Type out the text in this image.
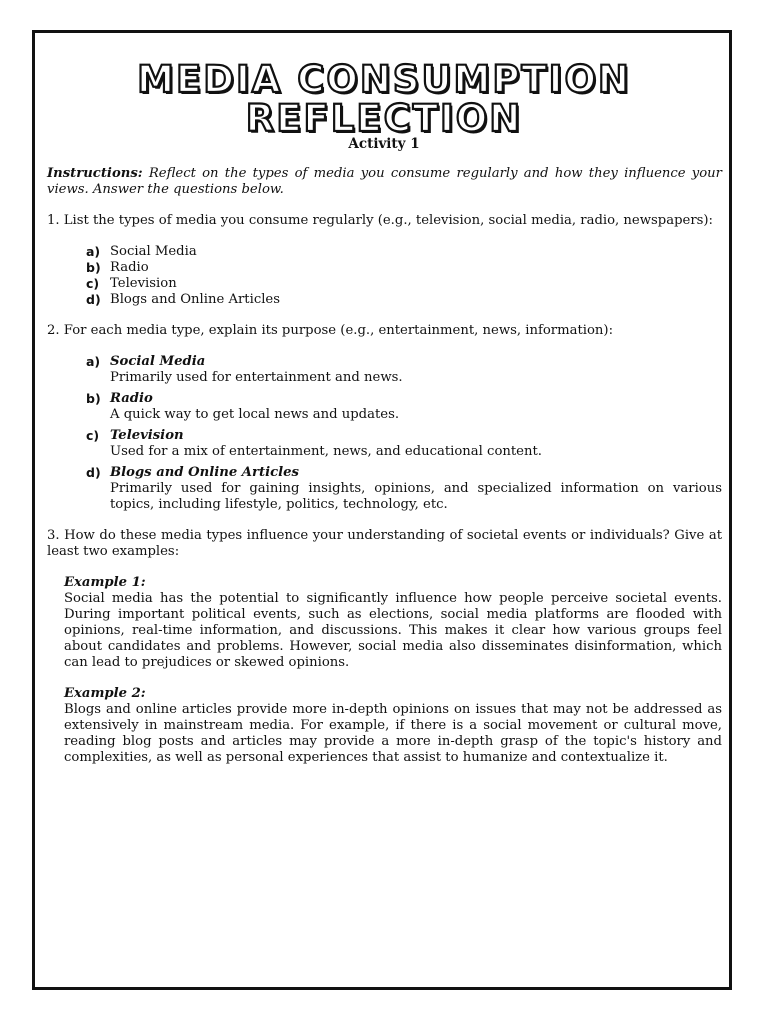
MEDIA CONSUMPTION
REFLECTION
Activity 1

Instructions: Reflect on the types of media you consume regularly and how they influence your views. Answer the questions below.

1. List the types of media you consume regularly (e.g., television, social media, radio, newspapers):

a) Social Media
b) Radio
c) Television
d) Blogs and Online Articles

2. For each media type, explain its purpose (e.g., entertainment, news, information):

a) Social Media
Primarily used for entertainment and news.
b) Radio
A quick way to get local news and updates.
c) Television
Used for a mix of entertainment, news, and educational content.
d) Blogs and Online Articles
Primarily used for gaining insights, opinions, and specialized information on various topics, including lifestyle, politics, technology, etc.

3. How do these media types influence your understanding of societal events or individuals? Give at least two examples:

Example 1:
Social media has the potential to significantly influence how people perceive societal events. During important political events, such as elections, social media platforms are flooded with opinions, real-time information, and discussions. This makes it clear how various groups feel about candidates and problems. However, social media also disseminates disinformation, which can lead to prejudices or skewed opinions.
Example 2:
Blogs and online articles provide more in-depth opinions on issues that may not be addressed as extensively in mainstream media. For example, if there is a social movement or cultural move, reading blog posts and articles may provide a more in-depth grasp of the topic's history and complexities, as well as personal experiences that assist to humanize and contextualize it.
